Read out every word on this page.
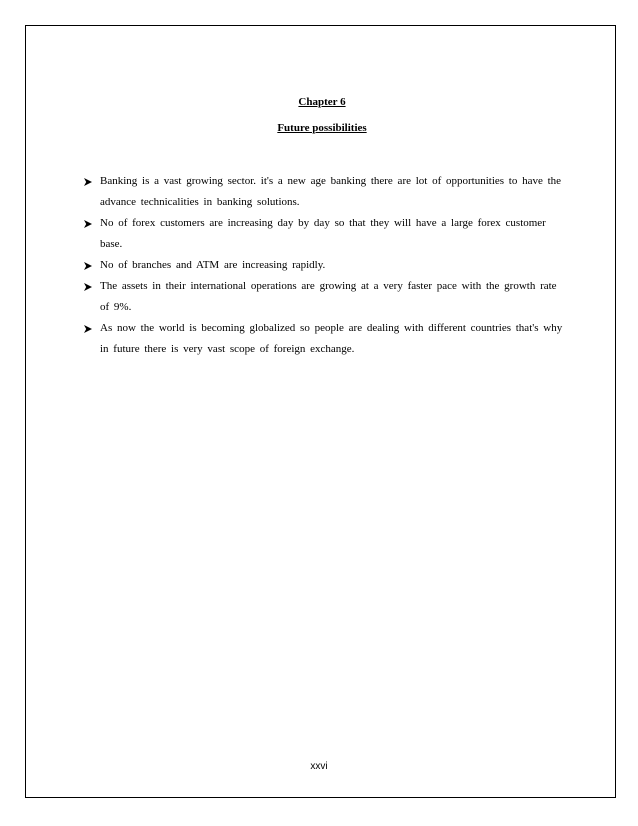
Chapter 6

Future possibilities

Banking is a vast growing sector. it's a new age banking there are lot of opportunities to have the advance technicalities in banking solutions.
No of forex customers are increasing day by day so that they will have a large forex customer base.
No of branches and ATM are increasing rapidly.
The assets in their international operations are growing at a very faster pace with the growth rate of 9%.
As now the world is becoming globalized so people are dealing with different countries that's why in future there is very vast scope of foreign exchange.

xxvi
